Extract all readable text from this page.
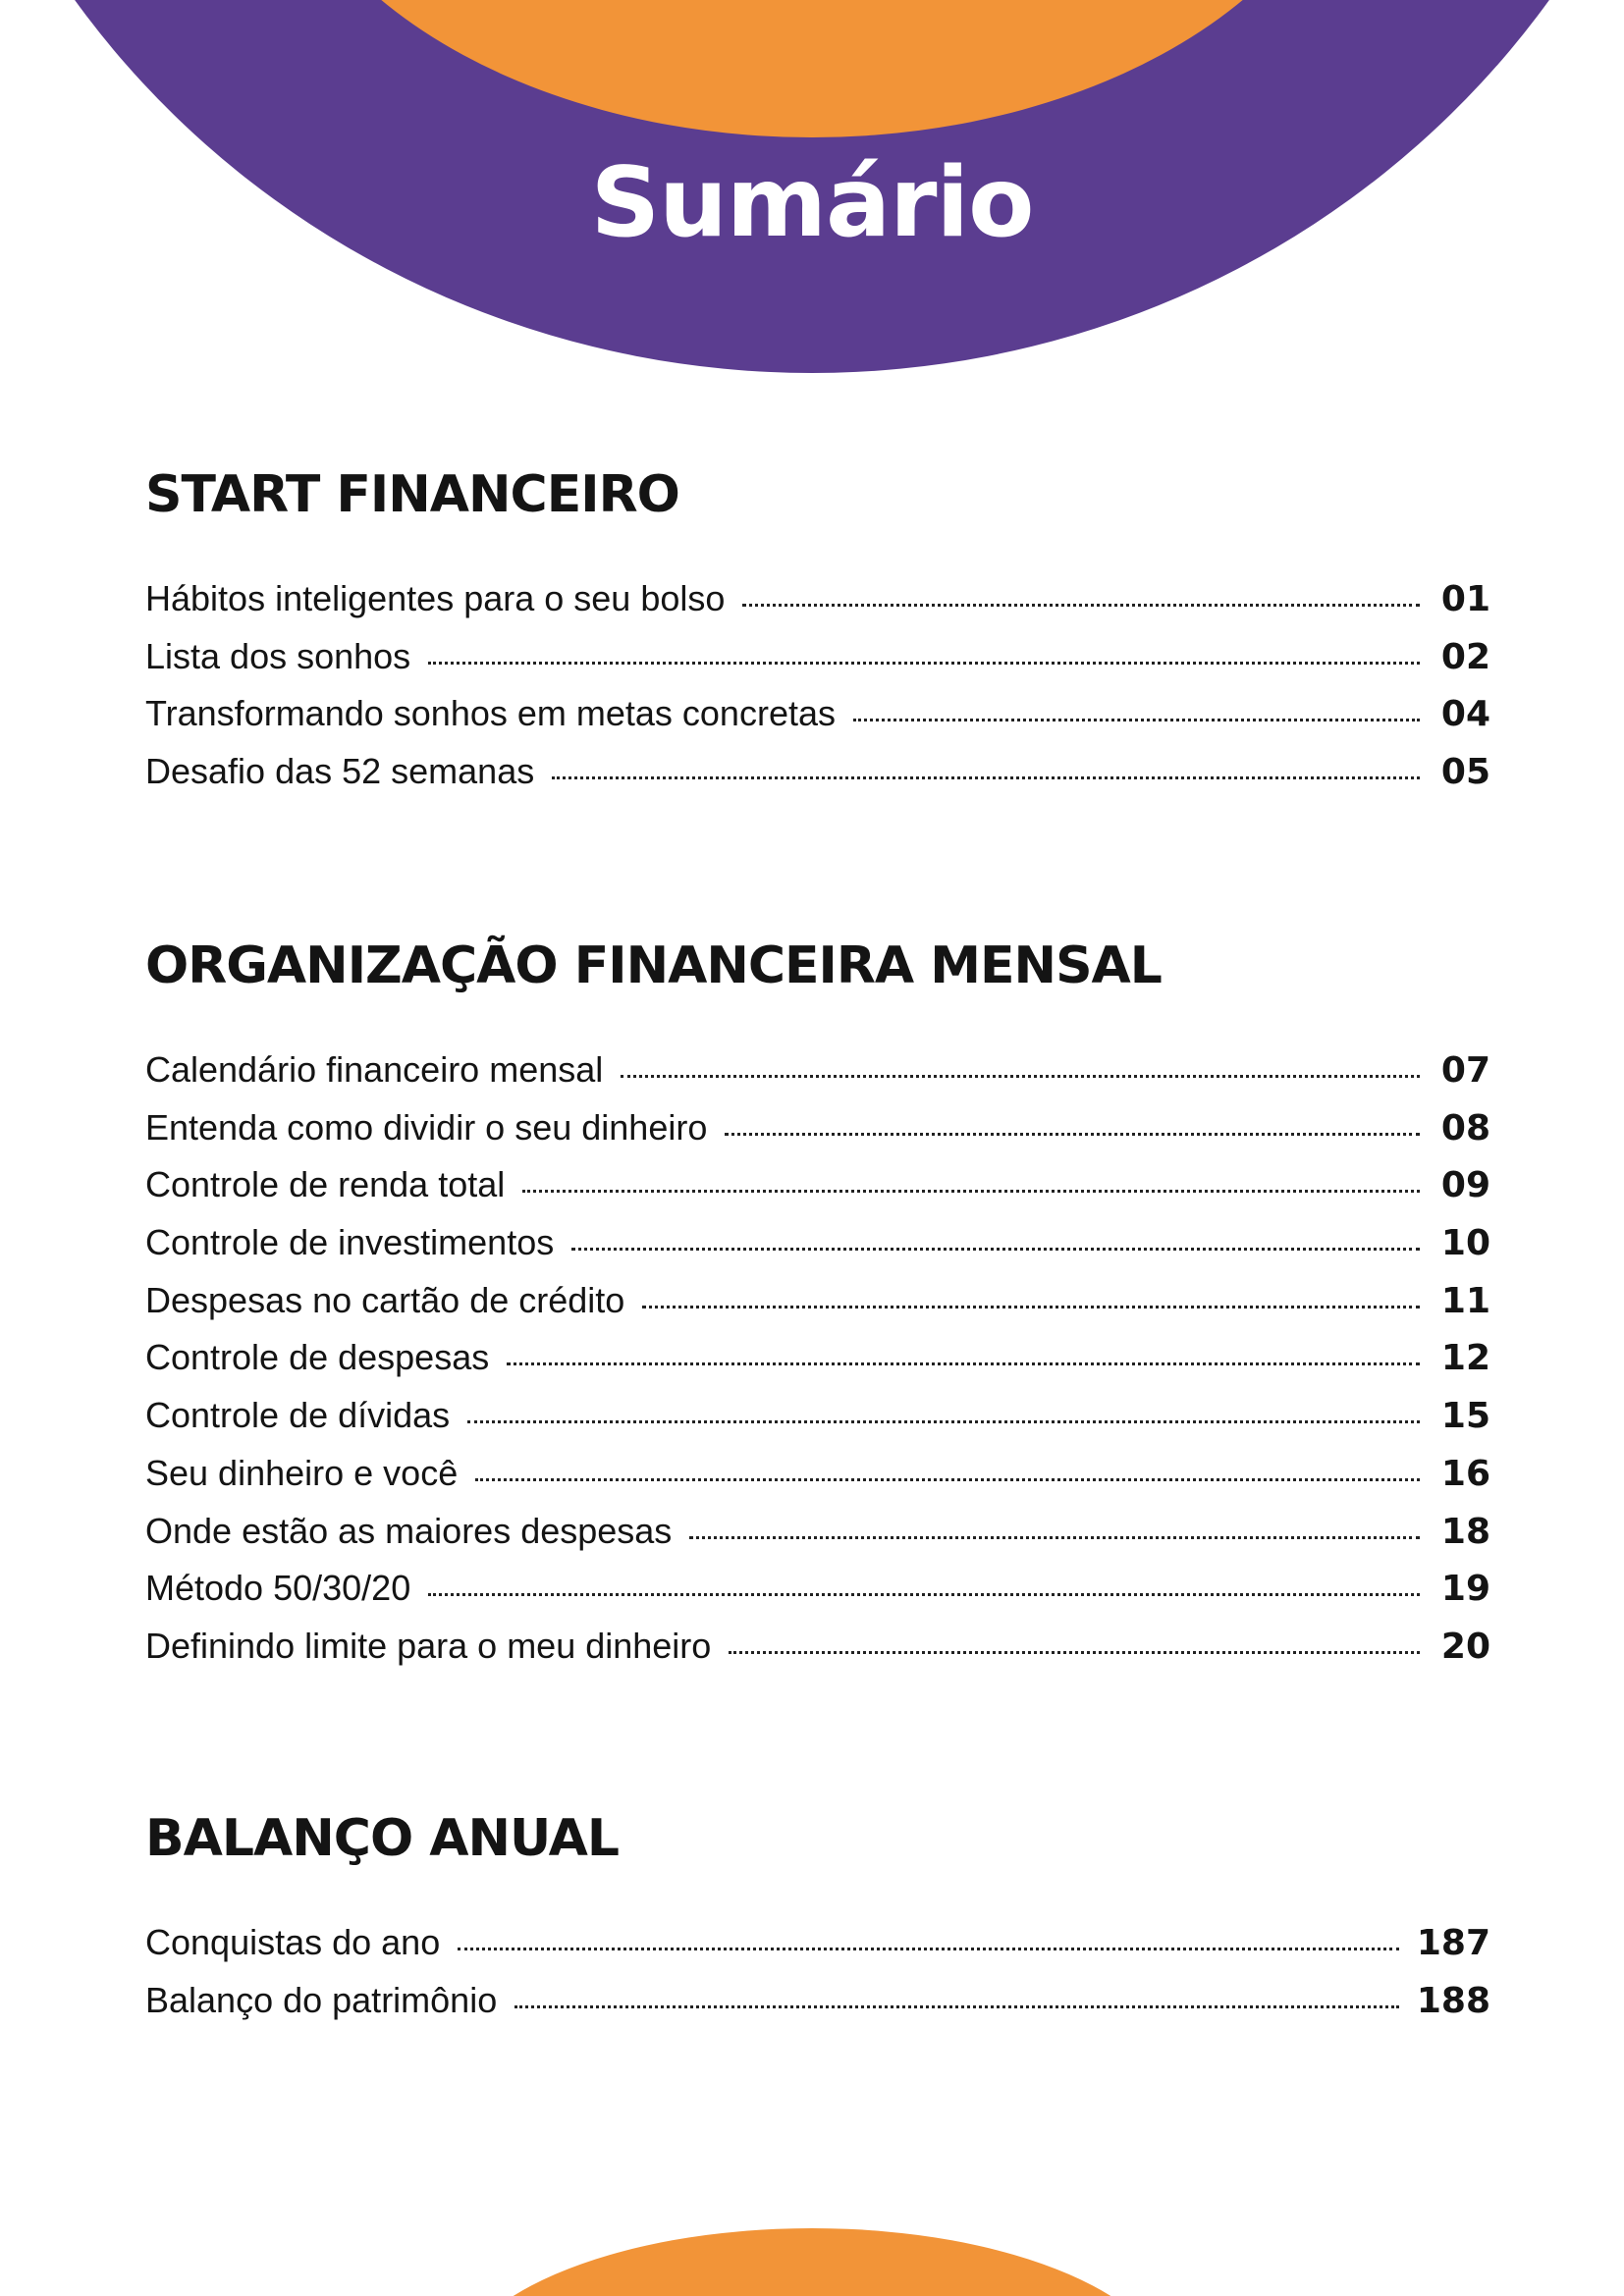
Sumário
START FINANCEIRO
Hábitos inteligentes para o seu bolso	01
Lista dos sonhos	02
Transformando sonhos em metas concretas	04
Desafio das 52 semanas	05
ORGANIZAÇÃO FINANCEIRA MENSAL
Calendário financeiro mensal	07
Entenda como dividir o seu dinheiro	08
Controle de renda total	09
Controle de investimentos	10
Despesas no cartão de crédito	11
Controle de despesas	12
Controle de dívidas	15
Seu dinheiro e você	16
Onde estão as maiores despesas	18
Método 50/30/20	19
Definindo limite para o meu dinheiro	20
BALANÇO ANUAL
Conquistas do ano	187
Balanço do patrimônio	188
